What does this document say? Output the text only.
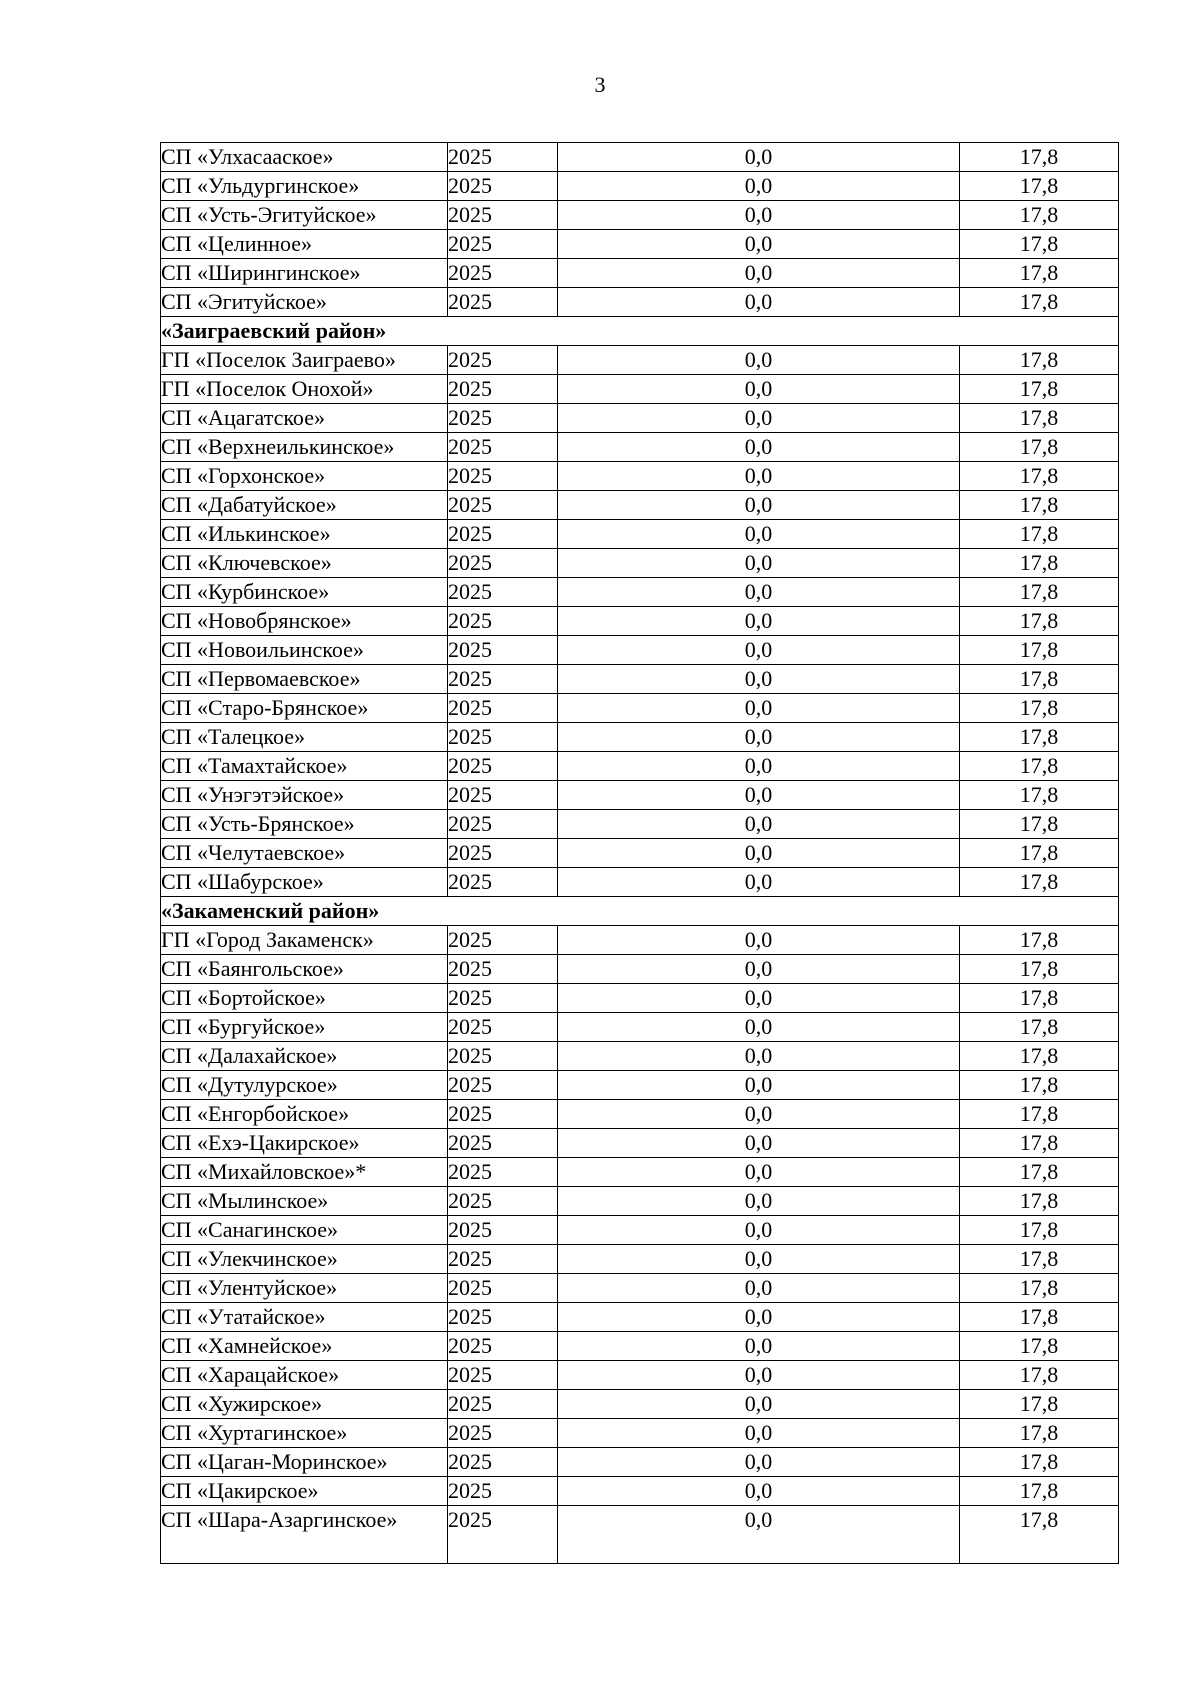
3
СП «Улхасааское»	2025	0,0	17,8
СП «Ульдургинское»	2025	0,0	17,8
СП «Усть-Эгитуйское»	2025	0,0	17,8
СП «Целинное»	2025	0,0	17,8
СП «Ширингинское»	2025	0,0	17,8
СП «Эгитуйское»	2025	0,0	17,8
«Заиграевский район»			
ГП «Поселок Заиграево»	2025	0,0	17,8
ГП «Поселок Онохой»	2025	0,0	17,8
СП «Ацагатское»	2025	0,0	17,8
СП «Верхнеилькинское»	2025	0,0	17,8
СП «Горхонское»	2025	0,0	17,8
СП «Дабатуйское»	2025	0,0	17,8
СП «Илькинское»	2025	0,0	17,8
СП «Ключевское»	2025	0,0	17,8
СП «Курбинское»	2025	0,0	17,8
СП «Новобрянское»	2025	0,0	17,8
СП «Новоильинское»	2025	0,0	17,8
СП «Первомаевское»	2025	0,0	17,8
СП «Старо-Брянское»	2025	0,0	17,8
СП «Талецкое»	2025	0,0	17,8
СП «Тамахтайское»	2025	0,0	17,8
СП «Унэгэтэйское»	2025	0,0	17,8
СП «Усть-Брянское»	2025	0,0	17,8
СП «Челутаевское»	2025	0,0	17,8
СП «Шабурское»	2025	0,0	17,8
«Закаменский район»			
ГП «Город Закаменск»	2025	0,0	17,8
СП «Баянгольское»	2025	0,0	17,8
СП «Бортойское»	2025	0,0	17,8
СП «Бургуйское»	2025	0,0	17,8
СП «Далахайское»	2025	0,0	17,8
СП «Дутулурское»	2025	0,0	17,8
СП «Енгорбойское»	2025	0,0	17,8
СП «Ехэ-Цакирское»	2025	0,0	17,8
СП «Михайловское»*	2025	0,0	17,8
СП «Мылинское»	2025	0,0	17,8
СП «Санагинское»	2025	0,0	17,8
СП «Улекчинское»	2025	0,0	17,8
СП «Улентуйское»	2025	0,0	17,8
СП «Утатайское»	2025	0,0	17,8
СП «Хамнейское»	2025	0,0	17,8
СП «Харацайское»	2025	0,0	17,8
СП «Хужирское»	2025	0,0	17,8
СП «Хуртагинское»	2025	0,0	17,8
СП «Цаган-Моринское»	2025	0,0	17,8
СП «Цакирское»	2025	0,0	17,8
СП «Шара-Азаргинское»	2025	0,0	17,8
